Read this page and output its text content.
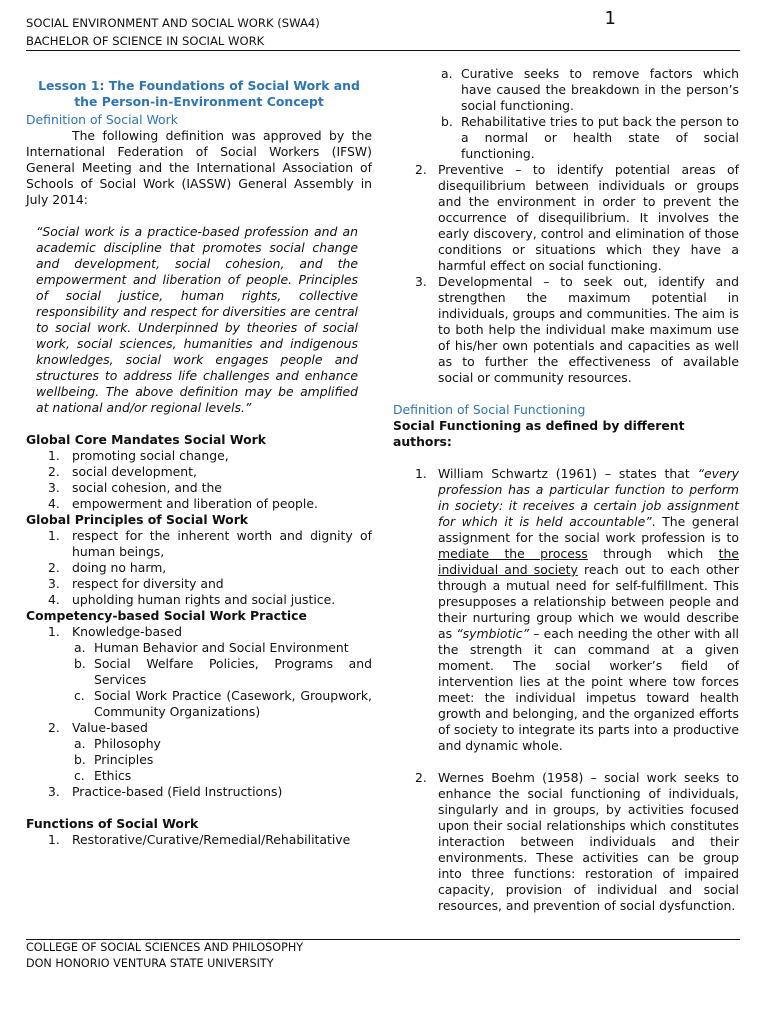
SOCIAL ENVIRONMENT AND SOCIAL WORK (SWA4)
BACHELOR OF SCIENCE IN SOCIAL WORK
1
Lesson 1: The Foundations of Social Work and the Person-in-Environment Concept
Definition of Social Work
The following definition was approved by the International Federation of Social Workers (IFSW) General Meeting and the International Association of Schools of Social Work (IASSW) General Assembly in July 2014:
“Social work is a practice-based profession and an academic discipline that promotes social change and development, social cohesion, and the empowerment and liberation of people. Principles of social justice, human rights, collective responsibility and respect for diversities are central to social work. Underpinned by theories of social work, social sciences, humanities and indigenous knowledges, social work engages people and structures to address life challenges and enhance wellbeing. The above definition may be amplified at national and/or regional levels.”
Global Core Mandates Social Work
1. promoting social change,
2. social development,
3. social cohesion, and the
4. empowerment and liberation of people.
Global Principles of Social Work
1. respect for the inherent worth and dignity of human beings,
2. doing no harm,
3. respect for diversity and
4. upholding human rights and social justice.
Competency-based Social Work Practice
1. Knowledge-based
a. Human Behavior and Social Environment
b. Social Welfare Policies, Programs and Services
c. Social Work Practice (Casework, Groupwork, Community Organizations)
2. Value-based
a. Philosophy
b. Principles
c. Ethics
3. Practice-based (Field Instructions)
Functions of Social Work
1. Restorative/Curative/Remedial/Rehabilitative
a. Curative seeks to remove factors which have caused the breakdown in the person’s social functioning.
b. Rehabilitative tries to put back the person to a normal or health state of social functioning.
2. Preventive – to identify potential areas of disequilibrium between individuals or groups and the environment in order to prevent the occurrence of disequilibrium. It involves the early discovery, control and elimination of those conditions or situations which they have a harmful effect on social functioning.
3. Developmental – to seek out, identify and strengthen the maximum potential in individuals, groups and communities. The aim is to both help the individual make maximum use of his/her own potentials and capacities as well as to further the effectiveness of available social or community resources.
Definition of Social Functioning
Social Functioning as defined by different authors:
1. William Schwartz (1961) – states that “every profession has a particular function to perform in society: it receives a certain job assignment for which it is held accountable”. The general assignment for the social work profession is to mediate the process through which the individual and society reach out to each other through a mutual need for self-fulfillment. This presupposes a relationship between people and their nurturing group which we would describe as “symbiotic” – each needing the other with all the strength it can command at a given moment. The social worker’s field of intervention lies at the point where tow forces meet: the individual impetus toward health growth and belonging, and the organized efforts of society to integrate its parts into a productive and dynamic whole.
2. Wernes Boehm (1958) – social work seeks to enhance the social functioning of individuals, singularly and in groups, by activities focused upon their social relationships which constitutes interaction between individuals and their environments. These activities can be group into three functions: restoration of impaired capacity, provision of individual and social resources, and prevention of social dysfunction.
COLLEGE OF SOCIAL SCIENCES AND PHILOSOPHY
DON HONORIO VENTURA STATE UNIVERSITY
